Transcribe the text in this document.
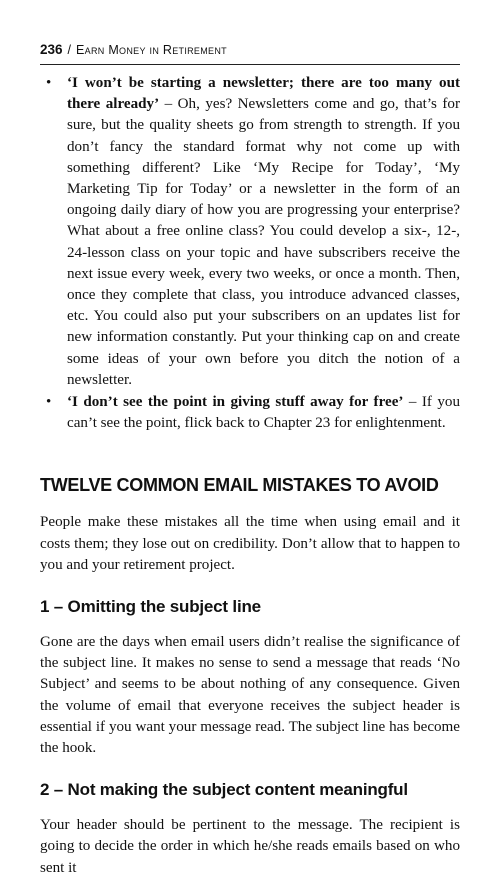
236 / Earn Money in Retirement
• ‘I won’t be starting a newsletter; there are too many out there already’ – Oh, yes? Newsletters come and go, that’s for sure, but the quality sheets go from strength to strength. If you don’t fancy the standard format why not come up with something different? Like ‘My Recipe for Today’, ‘My Marketing Tip for Today’ or a newsletter in the form of an ongoing daily diary of how you are progressing your enterprise? What about a free online class? You could develop a six-, 12-, 24-lesson class on your topic and have subscribers receive the next issue every week, every two weeks, or once a month. Then, once they complete that class, you introduce advanced classes, etc. You could also put your subscribers on an updates list for new information constantly. Put your thinking cap on and create some ideas of your own before you ditch the notion of a newsletter.

• ‘I don’t see the point in giving stuff away for free’ – If you can’t see the point, flick back to Chapter 23 for enlightenment.

TWELVE COMMON EMAIL MISTAKES TO AVOID

People make these mistakes all the time when using email and it costs them; they lose out on credibility. Don’t allow that to happen to you and your retirement project.

1 – Omitting the subject line

Gone are the days when email users didn’t realise the significance of the subject line. It makes no sense to send a message that reads ‘No Subject’ and seems to be about nothing of any consequence. Given the volume of email that everyone receives the subject header is essential if you want your message read. The subject line has become the hook.

2 – Not making the subject content meaningful

Your header should be pertinent to the message. The recipient is going to decide the order in which he/she reads emails based on who sent it
